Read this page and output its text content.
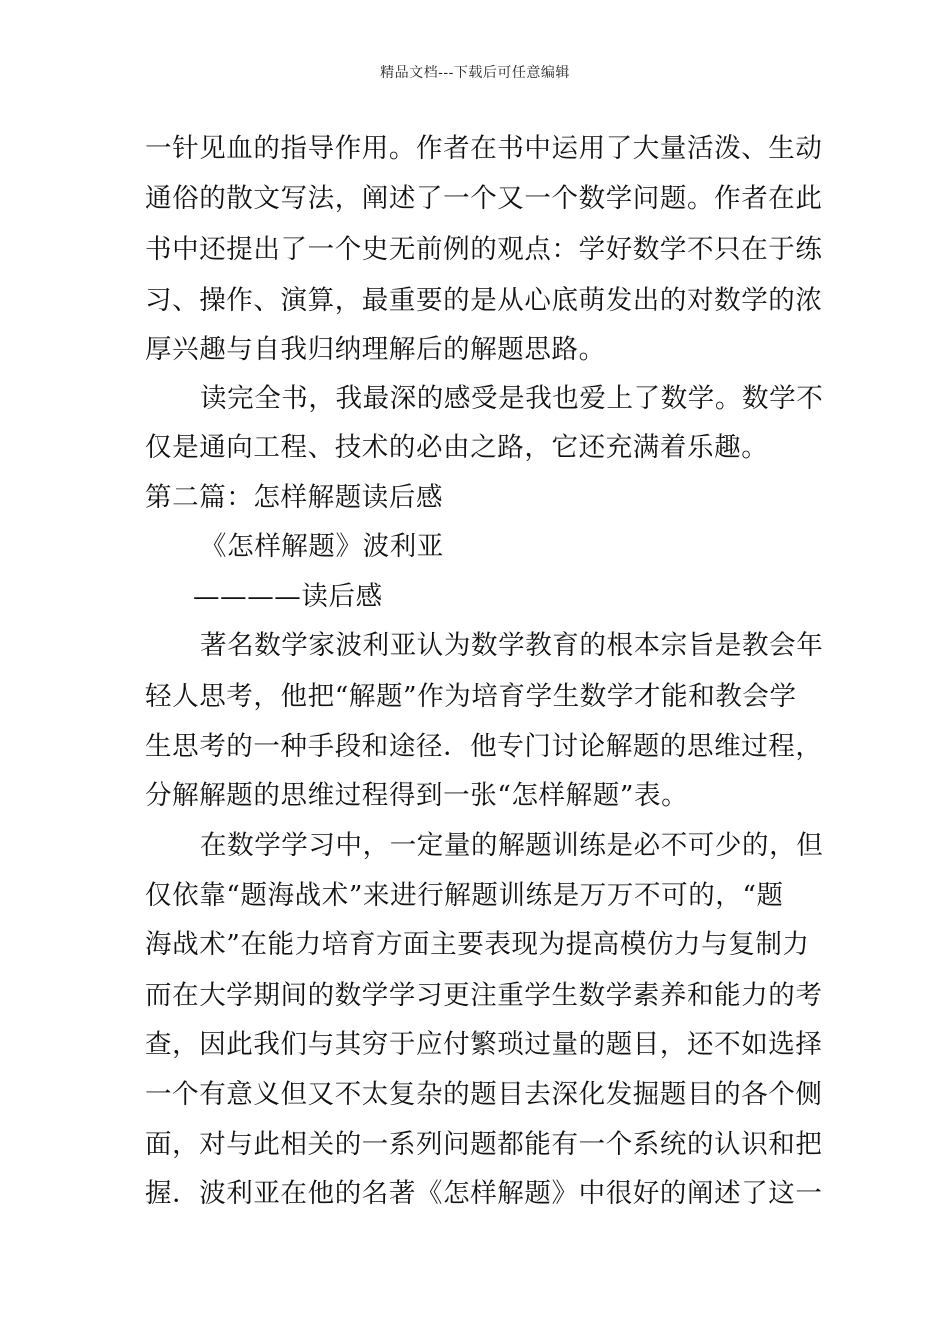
精品文档---下载后可任意编辑
一针见血的指导作用。作者在书中运用了大量活泼、生动
通俗的散文写法，阐述了一个又一个数学问题。作者在此
书中还提出了一个史无前例的观点：学好数学不只在于练
习、操作、演算，最重要的是从心底萌发出的对数学的浓
厚兴趣与自我归纳理解后的解题思路。
读完全书，我最深的感受是我也爱上了数学。数学不
仅是通向工程、技术的必由之路，它还充满着乐趣。
第二篇：怎样解题读后感
《怎样解题》波利亚
————读后感
著名数学家波利亚认为数学教育的根本宗旨是教会年
轻人思考，他把“解题”作为培育学生数学才能和教会学
生思考的一种手段和途径．他专门讨论解题的思维过程，
分解解题的思维过程得到一张“怎样解题”表。
在数学学习中，一定量的解题训练是必不可少的，但
仅依靠“题海战术”来进行解题训练是万万不可的，“题
海战术”在能力培育方面主要表现为提高模仿力与复制力
而在大学期间的数学学习更注重学生数学素养和能力的考
查，因此我们与其穷于应付繁琐过量的题目，还不如选择
一个有意义但又不太复杂的题目去深化发掘题目的各个侧
面，对与此相关的一系列问题都能有一个系统的认识和把
握．波利亚在他的名著《怎样解题》中很好的阐述了这一
